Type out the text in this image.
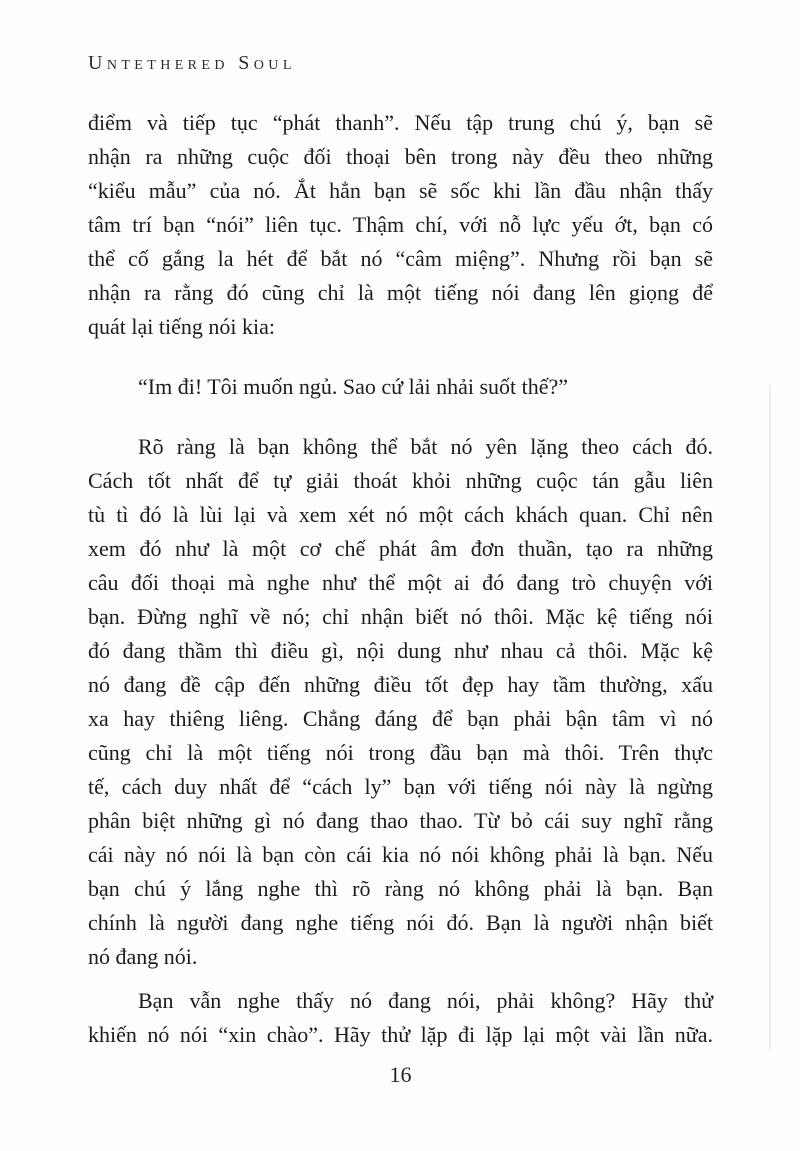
Untethered Soul
điểm và tiếp tục “phát thanh”. Nếu tập trung chú ý, bạn sẽ
nhận ra những cuộc đối thoại bên trong này đều theo những
“kiểu mẫu” của nó. Ắt hẳn bạn sẽ sốc khi lần đầu nhận thấy
tâm trí bạn “nói” liên tục. Thậm chí, với nỗ lực yếu ớt, bạn có
thể cố gắng la hét để bắt nó “câm miệng”. Nhưng rồi bạn sẽ
nhận ra rằng đó cũng chỉ là một tiếng nói đang lên giọng để
quát lại tiếng nói kia:
“Im đi! Tôi muốn ngủ. Sao cứ lải nhải suốt thế?”
Rõ ràng là bạn không thể bắt nó yên lặng theo cách đó.
Cách tốt nhất để tự giải thoát khỏi những cuộc tán gẫu liên
tù tì đó là lùi lại và xem xét nó một cách khách quan. Chỉ nên
xem đó như là một cơ chế phát âm đơn thuần, tạo ra những
câu đối thoại mà nghe như thể một ai đó đang trò chuyện với
bạn. Đừng nghĩ về nó; chỉ nhận biết nó thôi. Mặc kệ tiếng nói
đó đang thầm thì điều gì, nội dung như nhau cả thôi. Mặc kệ
nó đang đề cập đến những điều tốt đẹp hay tầm thường, xấu
xa hay thiêng liêng. Chẳng đáng để bạn phải bận tâm vì nó
cũng chỉ là một tiếng nói trong đầu bạn mà thôi. Trên thực
tế, cách duy nhất để “cách ly” bạn với tiếng nói này là ngừng
phân biệt những gì nó đang thao thao. Từ bỏ cái suy nghĩ rằng
cái này nó nói là bạn còn cái kia nó nói không phải là bạn. Nếu
bạn chú ý lắng nghe thì rõ ràng nó không phải là bạn. Bạn
chính là người đang nghe tiếng nói đó. Bạn là người nhận biết
nó đang nói.
Bạn vẫn nghe thấy nó đang nói, phải không? Hãy thử
khiến nó nói “xin chào”. Hãy thử lặp đi lặp lại một vài lần nữa.
16
